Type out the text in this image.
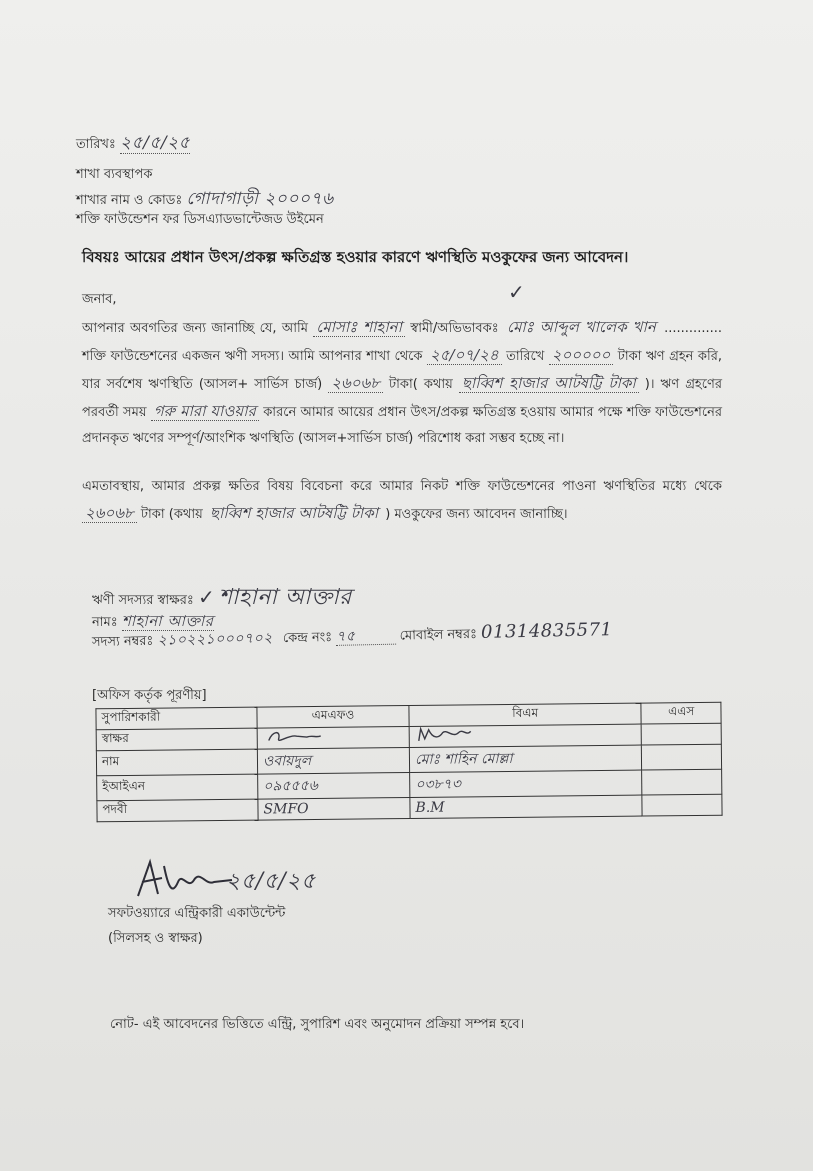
তারিখঃ ২৫/৫/২৫
শাখা ব্যবস্থাপক
শাখার নাম ও কোডঃ গোদাগাড়ী ২০০০৭৬
শক্তি ফাউন্ডেশন ফর ডিসএ্যাডভান্টেজড উইমেন
বিষয়ঃ আয়ের প্রধান উৎস/প্রকল্প ক্ষতিগ্রস্ত হওয়ার কারণে ঋণস্থিতি মওকুফের জন্য আবেদন।
জনাব,	✓
আপনার অবগতির জন্য জানাচ্ছি যে, আমি মোসাঃ শাহানা স্বামী/অভিভাবকঃ মোঃ আব্দুল খালেক খান .............. শক্তি ফাউন্ডেশনের একজন ঋণী সদস্য। আমি আপনার শাখা থেকে ২৫/০৭/২৪ তারিখে ২০০০০০ টাকা ঋণ গ্রহন করি, যার সর্বশেষ ঋণস্থিতি (আসল+ সার্ভিস চার্জ) ২৬০৬৮ টাকা( কথায় ছাব্বিশ হাজার আটষট্টি টাকা )। ঋণ গ্রহণের পরবর্তী সময় গরু মারা যাওয়ার কারনে আমার আয়ের প্রধান উৎস/প্রকল্প ক্ষতিগ্রস্ত হওয়ায় আমার পক্ষে শক্তি ফাউন্ডেশনের প্রদানকৃত ঋণের সম্পূর্ণ/আংশিক ঋণস্থিতি (আসল+সার্ভিস চার্জ) পরিশোধ করা সম্ভব হচ্ছে না।
এমতাবস্থায়, আমার প্রকল্প ক্ষতির বিষয় বিবেচনা করে আমার নিকট শক্তি ফাউন্ডেশনের পাওনা ঋণস্থিতির মধ্যে থেকে ২৬০৬৮ টাকা (কথায় ছাব্বিশ হাজার আটষট্টি টাকা ) মওকুফের জন্য আবেদন জানাচ্ছি।
ঋণী সদস্যর স্বাক্ষরঃ ✓ শাহানা আক্তার
নামঃ শাহানা আক্তার
সদস্য নম্বরঃ ২১০২২১০০০৭০২ কেন্দ্র নংঃ ৭৫	মোবাইল নম্বরঃ 01314835571
[অফিস কর্তৃক পূরণীয়]
সুপারিশকারী	এমএফও	বিএম	এএস
স্বাক্ষর			
নাম	ওবায়দুল	মোঃ শাহিন মোল্লা	
ইআইএন	০৯৫৫৫৬	০৩৮৭৩	
পদবী	SMFO	B.M	
২৫/৫/২৫
সফটওয়্যারে এন্ট্রিকারী একাউন্টেন্ট
(সিলসহ ও স্বাক্ষর)
নোট- এই আবেদনের ভিত্তিতে এন্ট্রি, সুপারিশ এবং অনুমোদন প্রক্রিয়া সম্পন্ন হবে।
